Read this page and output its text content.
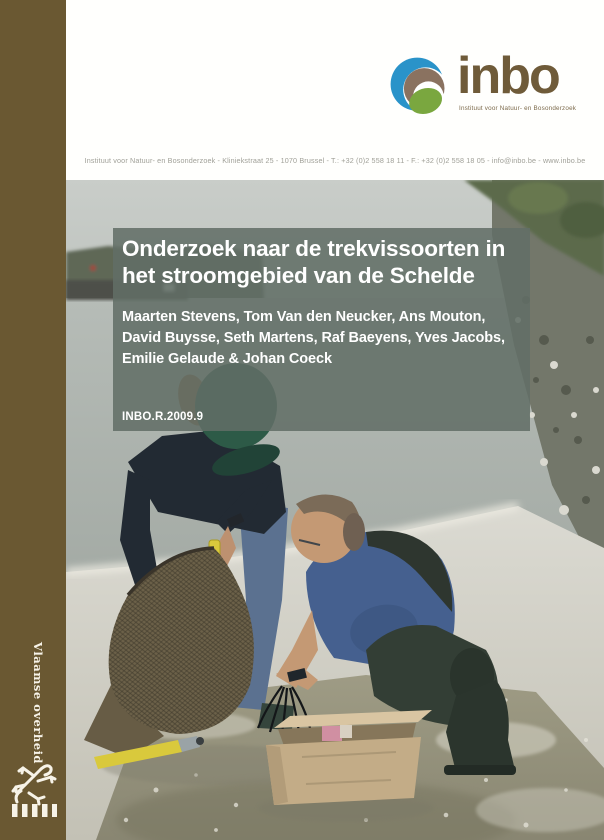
Vlaamse overheid
inbo
Instituut voor Natuur- en Bosonderzoek
Instituut voor Natuur- en Bosonderzoek - Kliniekstraat 25 - 1070 Brussel - T.: +32 (0)2 558 18 11 - F.: +32 (0)2 558 18 05 - info@inbo.be - www.inbo.be
Onderzoek naar de trekvissoorten in het stroomgebied van de Schelde

Maarten Stevens, Tom Van den Neucker, Ans Mouton, David Buysse, Seth Martens, Raf Baeyens, Yves Jacobs, Emilie Gelaude & Johan Coeck

INBO.R.2009.9
